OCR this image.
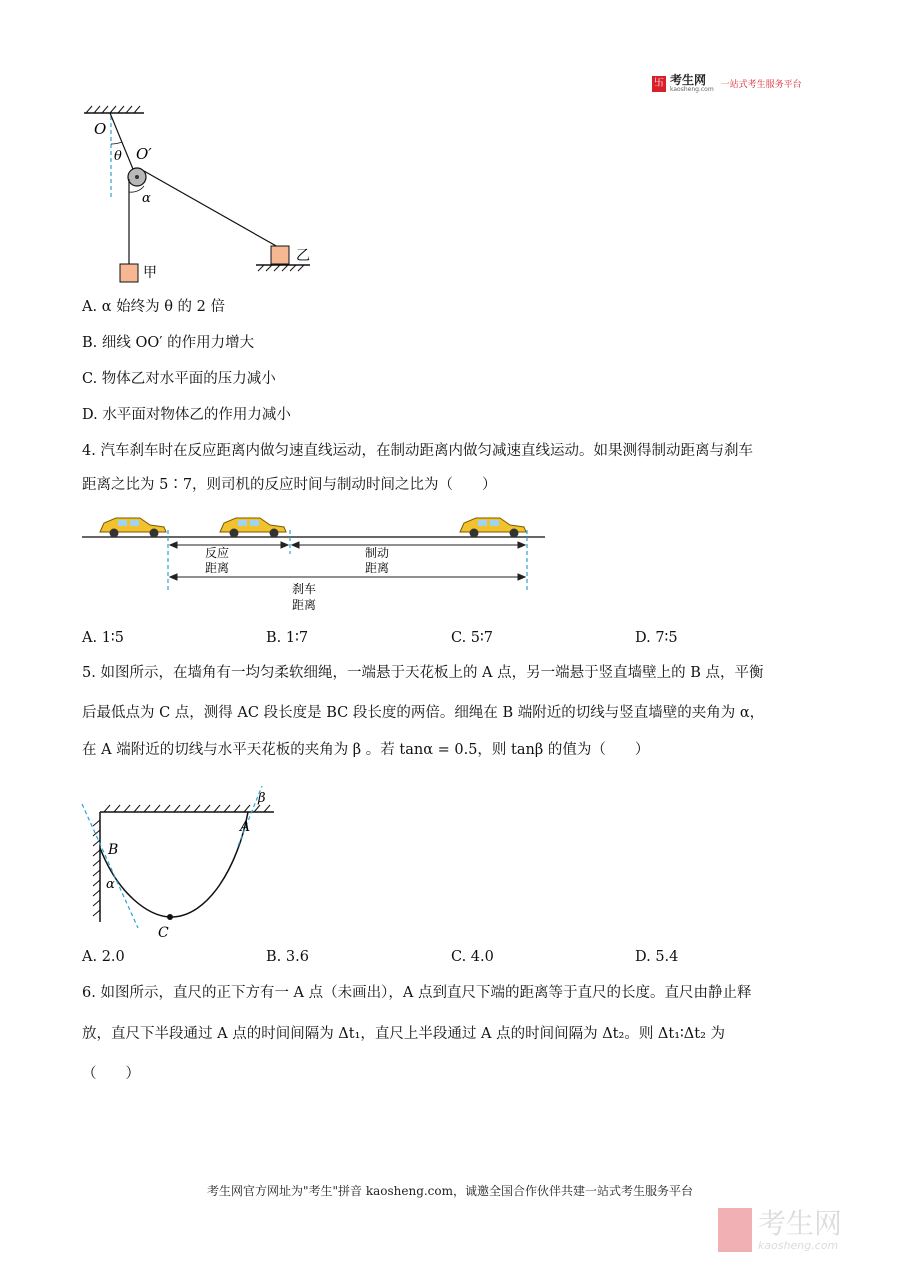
卐 考生网
kaosheng.com 一站式考生服务平台
O
θ O′
α
甲
乙
A. α 始终为 θ 的 2 倍
B. 细线 OO′ 的作用力增大
C. 物体乙对水平面的压力减小
D. 水平面对物体乙的作用力减小
4. 汽车刹车时在反应距离内做匀速直线运动，在制动距离内做匀减速直线运动。如果测得制动距离与刹车
距离之比为 5∶7，则司机的反应时间与制动时间之比为（　　）
反应
距离
制动
距离
刹车
距离
A. 1∶5	B. 1∶7	C. 5∶7	D. 7∶5
5. 如图所示，在墙角有一均匀柔软细绳，一端悬于天花板上的 A 点，另一端悬于竖直墙壁上的 B 点，平衡
后最低点为 C 点，测得 AC 段长度是 BC 段长度的两倍。细绳在 B 端附近的切线与竖直墙壁的夹角为 α，
在 A 端附近的切线与水平天花板的夹角为 β 。若 tanα = 0.5，则 tanβ 的值为（　　）
B
α
C
A
β
A. 2.0	B. 3.6	C. 4.0	D. 5.4
6. 如图所示，直尺的正下方有一 A 点（未画出），A 点到直尺下端的距离等于直尺的长度。直尺由静止释
放，直尺下半段通过 A 点的时间间隔为 Δt₁，直尺上半段通过 A 点的时间间隔为 Δt₂。则 Δt₁∶Δt₂ 为
（　　）
考生网官方网址为"考生"拼音 kaosheng.com，诚邀全国合作伙伴共建一站式考生服务平台
考生网
kaosheng.com
